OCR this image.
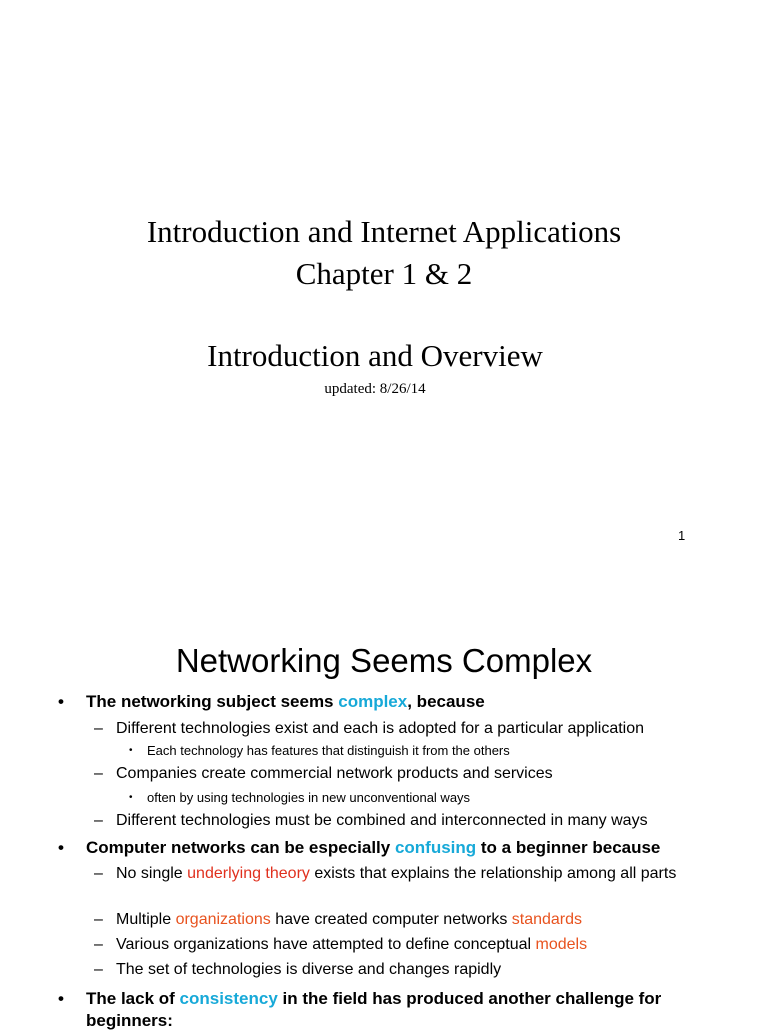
Introduction and Internet Applications
Chapter 1 & 2
Introduction and Overview
updated: 8/26/14
1
Networking Seems Complex
• The networking subject seems complex, because
– Different technologies exist and each is adopted for a particular application
• Each technology has features that distinguish it from the others
– Companies create commercial network products and services
• often by using technologies in new unconventional ways
– Different technologies must be combined and interconnected in many ways
• Computer networks can be especially confusing to a beginner because
– No single underlying theory exists that explains the relationship among all parts
– Multiple organizations have created computer networks standards
– Various organizations have attempted to define conceptual models
– The set of technologies is diverse and changes rapidly
• The lack of consistency in the field has produced another challenge for beginners:
